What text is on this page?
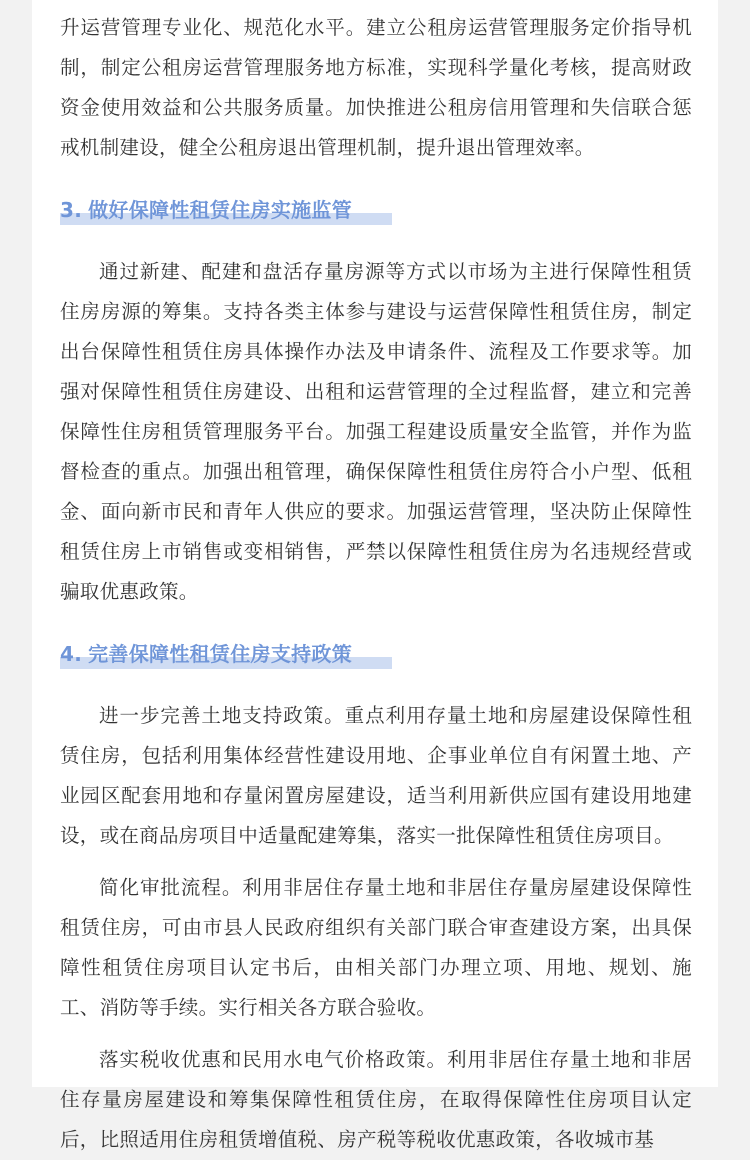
升运营管理专业化、规范化水平。建立公租房运营管理服务定价指导机制，制定公租房运营管理服务地方标准，实现科学量化考核，提高财政资金使用效益和公共服务质量。加快推进公租房信用管理和失信联合惩戒机制建设，健全公租房退出管理机制，提升退出管理效率。

3. 做好保障性租赁住房实施监管

通过新建、配建和盘活存量房源等方式以市场为主进行保障性租赁住房房源的筹集。支持各类主体参与建设与运营保障性租赁住房，制定出台保障性租赁住房具体操作办法及申请条件、流程及工作要求等。加强对保障性租赁住房建设、出租和运营管理的全过程监督，建立和完善保障性住房租赁管理服务平台。加强工程建设质量安全监管，并作为监督检查的重点。加强出租管理，确保保障性租赁住房符合小户型、低租金、面向新市民和青年人供应的要求。加强运营管理，坚决防止保障性租赁住房上市销售或变相销售，严禁以保障性租赁住房为名违规经营或骗取优惠政策。

4. 完善保障性租赁住房支持政策

进一步完善土地支持政策。重点利用存量土地和房屋建设保障性租赁住房，包括利用集体经营性建设用地、企事业单位自有闲置土地、产业园区配套用地和存量闲置房屋建设，适当利用新供应国有建设用地建设，或在商品房项目中适量配建筹集，落实一批保障性租赁住房项目。

简化审批流程。利用非居住存量土地和非居住存量房屋建设保障性租赁住房，可由市县人民政府组织有关部门联合审查建设方案，出具保障性租赁住房项目认定书后，由相关部门办理立项、用地、规划、施工、消防等手续。实行相关各方联合验收。

落实税收优惠和民用水电气价格政策。利用非居住存量土地和非居住存量房屋建设和筹集保障性租赁住房，在取得保障性住房项目认定后，比照适用住房租赁增值税、房产税等税收优惠政策，各收城市基
